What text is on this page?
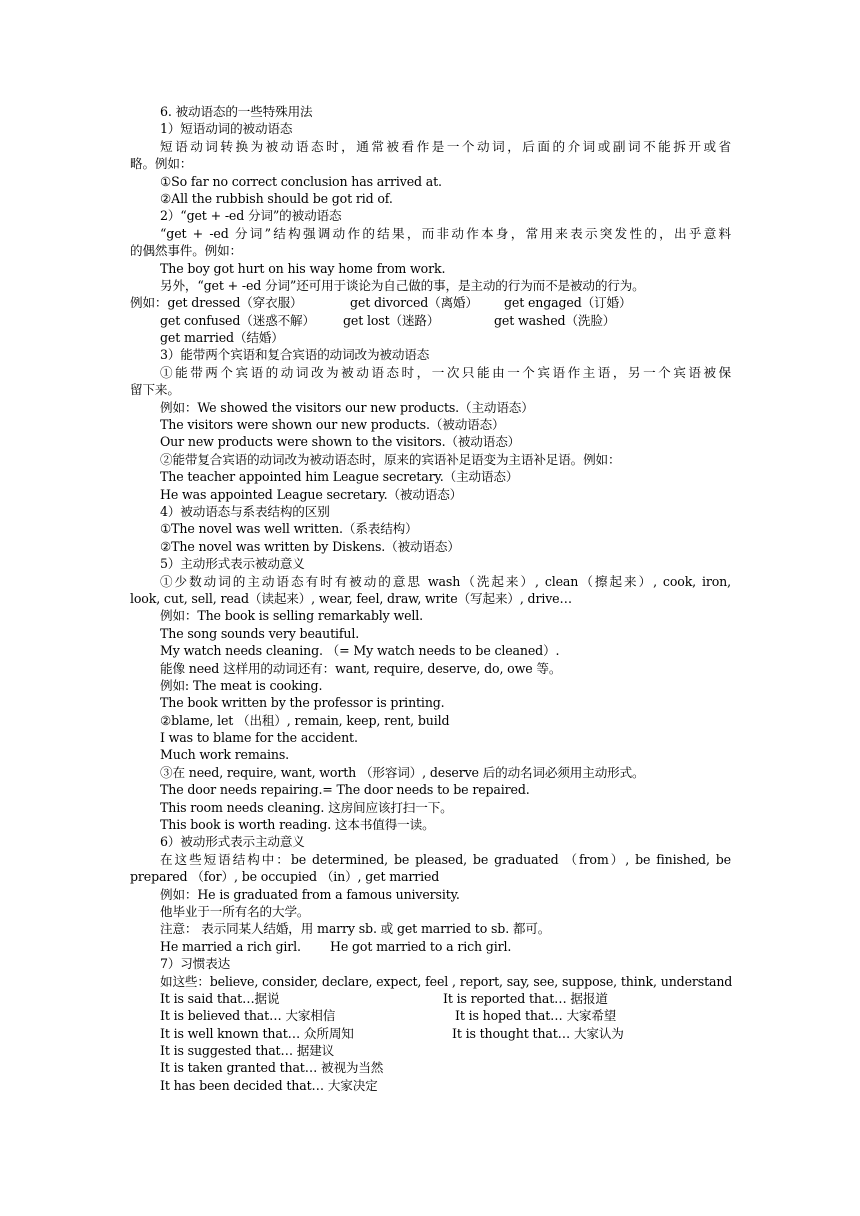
6. 被动语态的一些特殊用法
1）短语动词的被动语态
短语动词转换为被动语态时，通常被看作是一个动词，后面的介词或副词不能拆开或省
略。例如：
①So far no correct conclusion has arrived at.
②All the rubbish should be got rid of.
2）“get + -ed 分词”的被动语态
“get + -ed 分词”结构强调动作的结果，而非动作本身，常用来表示突发性的，出乎意料
的偶然事件。例如：
The boy got hurt on his way home from work.
另外，“get + -ed 分词”还可用于谈论为自己做的事，是主动的行为而不是被动的行为。
例如：get dressed（穿衣服）	get divorced（离婚） get engaged（订婚）
get confused（迷惑不解） get lost（迷路）	get washed（洗脸）
get married（结婚）
3）能带两个宾语和复合宾语的动词改为被动语态
①能带两个宾语的动词改为被动语态时，一次只能由一个宾语作主语，另一个宾语被保
留下来。
例如：We showed the visitors our new products.（主动语态）
The visitors were shown our new products.（被动语态）
Our new products were shown to the visitors.（被动语态）
②能带复合宾语的动词改为被动语态时，原来的宾语补足语变为主语补足语。例如：
The teacher appointed him League secretary.（主动语态）
He was appointed League secretary.（被动语态）
4）被动语态与系表结构的区别
①The novel was well written.（系表结构）
②The novel was written by Diskens.（被动语态）
5）主动形式表示被动意义
①少数动词的主动语态有时有被动的意思 wash（洗起来）, clean（擦起来）, cook, iron,
look, cut, sell, read（读起来）, wear, feel, draw, write（写起来）, drive…
例如：The book is selling remarkably well.
The song sounds very beautiful.
My watch needs cleaning. （= My watch needs to be cleaned）.
能像 need 这样用的动词还有：want, require, deserve, do, owe 等。
例如: The meat is cooking.
The book written by the professor is printing.
②blame, let （出租）, remain, keep, rent, build
I was to blame for the accident.
Much work remains.
③在 need, require, want, worth （形容词）, deserve 后的动名词必须用主动形式。
The door needs repairing.= The door needs to be repaired.
This room needs cleaning. 这房间应该打扫一下。
This book is worth reading. 这本书值得一读。
6）被动形式表示主动意义
在这些短语结构中：be determined, be pleased, be graduated （from）, be finished, be
prepared （for）, be occupied （in）, get married
例如：He is graduated from a famous university.
他毕业于一所有名的大学。
注意： 表示同某人结婚，用 marry sb. 或 get married to sb. 都可。
He married a rich girl. He got married to a rich girl.
7）习惯表达
如这些：believe, consider, declare, expect, feel , report, say, see, suppose, think, understand
It is said that…据说	It is reported that… 据报道
It is believed that… 大家相信	It is hoped that… 大家希望
It is well known that… 众所周知	It is thought that… 大家认为
It is suggested that… 据建议
It is taken granted that… 被视为当然
It has been decided that… 大家决定
